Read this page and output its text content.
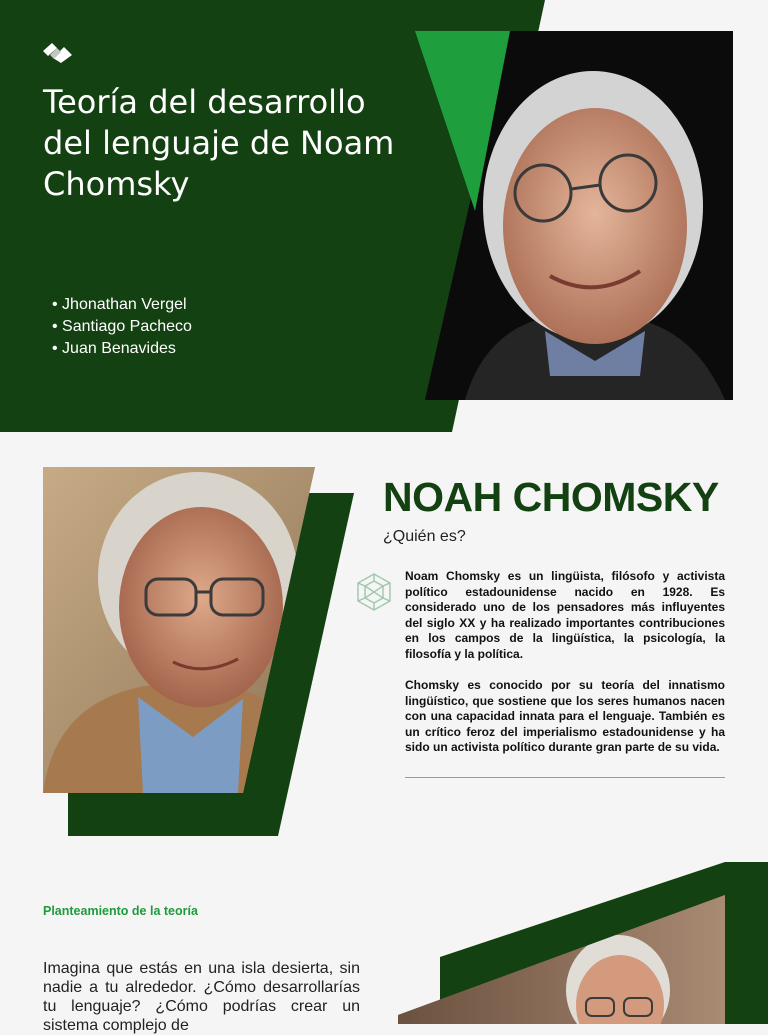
Teoría del desarrollo del lenguaje de Noam Chomsky
• Jhonathan Vergel
• Santiago Pacheco
• Juan Benavides
NOAH CHOMSKY

¿Quién es?

Noam Chomsky es un lingüista, filósofo y activista político estadounidense nacido en 1928. Es considerado uno de los pensadores más influyentes del siglo XX y ha realizado importantes contribuciones en los campos de la lingüística, la psicología, la filosofía y la política.

Chomsky es conocido por su teoría del innatismo lingüístico, que sostiene que los seres humanos nacen con una capacidad innata para el lenguaje. También es un crítico feroz del imperialismo estadounidense y ha sido un activista político durante gran parte de su vida.

Planteamiento de la teoría

Imagina que estás en una isla desierta, sin nadie a tu alrededor. ¿Cómo desarrollarías tu lenguaje? ¿Cómo podrías crear un sistema complejo de
